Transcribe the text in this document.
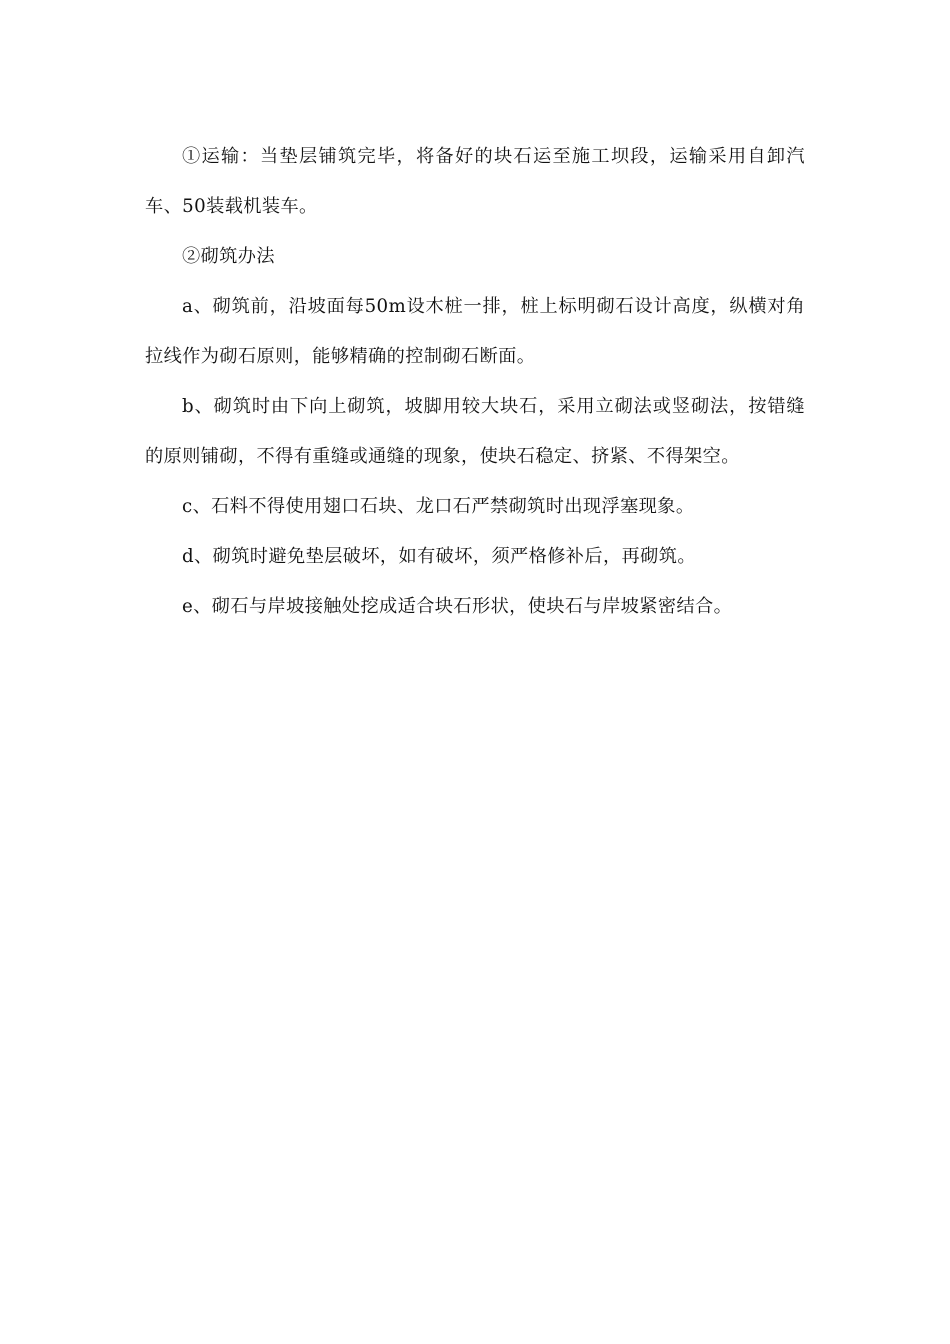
①运输：当垫层铺筑完毕，将备好的块石运至施工坝段，运输采用自卸汽车、50装载机装车。

②砌筑办法

a、砌筑前，沿坡面每50m设木桩一排，桩上标明砌石设计高度，纵横对角拉线作为砌石原则，能够精确的控制砌石断面。

b、砌筑时由下向上砌筑，坡脚用较大块石，采用立砌法或竖砌法，按错缝的原则铺砌，不得有重缝或通缝的现象，使块石稳定、挤紧、不得架空。

c、石料不得使用翅口石块、龙口石严禁砌筑时出现浮塞现象。

d、砌筑时避免垫层破坏，如有破坏，须严格修补后，再砌筑。

e、砌石与岸坡接触处挖成适合块石形状，使块石与岸坡紧密结合。
